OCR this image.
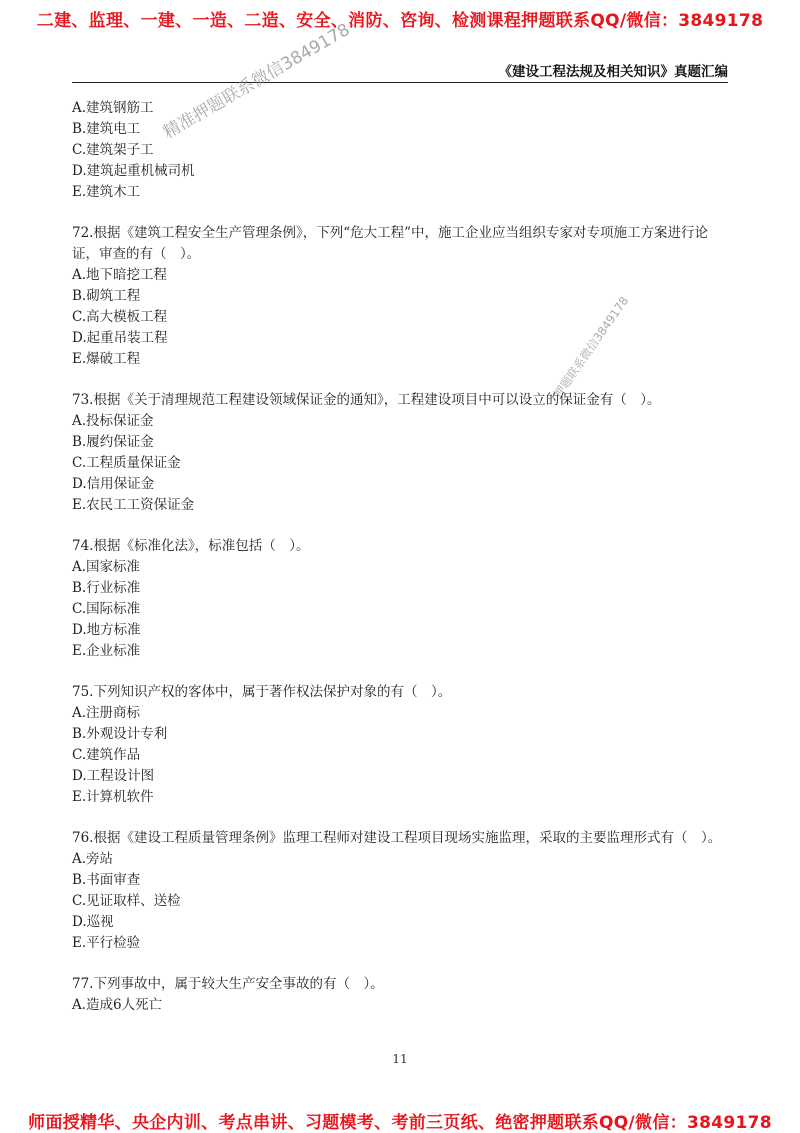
二建、监理、一建、一造、二造、安全、消防、咨询、检测课程押题联系QQ/微信：3849178
《建设工程法规及相关知识》真题汇编
精准押题联系微信3849178
押题联系微信3849178

A.建筑钢筋工

B.建筑电工

C.建筑架子工

D.建筑起重机械司机

E.建筑木工

72.根据《建筑工程安全生产管理条例》，下列“危大工程”中，施工企业应当组织专家对专项施工方案进行论证，审查的有（　）。

A.地下暗挖工程

B.砌筑工程

C.高大模板工程

D.起重吊装工程

E.爆破工程

73.根据《关于清理规范工程建设领域保证金的通知》，工程建设项目中可以设立的保证金有（　）。

A.投标保证金

B.履约保证金

C.工程质量保证金

D.信用保证金

E.农民工工资保证金

74.根据《标准化法》，标准包括（　）。

A.国家标准

B.行业标准

C.国际标准

D.地方标准

E.企业标准

75.下列知识产权的客体中，属于著作权法保护对象的有（　）。

A.注册商标

B.外观设计专利

C.建筑作品

D.工程设计图

E.计算机软件

76.根据《建设工程质量管理条例》监理工程师对建设工程项目现场实施监理，采取的主要监理形式有（　）。

A.旁站

B.书面审查

C.见证取样、送检

D.巡视

E.平行检验

77.下列事故中，属于较大生产安全事故的有（　）。

A.造成6人死亡

11
师面授精华、央企内训、考点串讲、习题模考、考前三页纸、绝密押题联系QQ/微信：3849178
